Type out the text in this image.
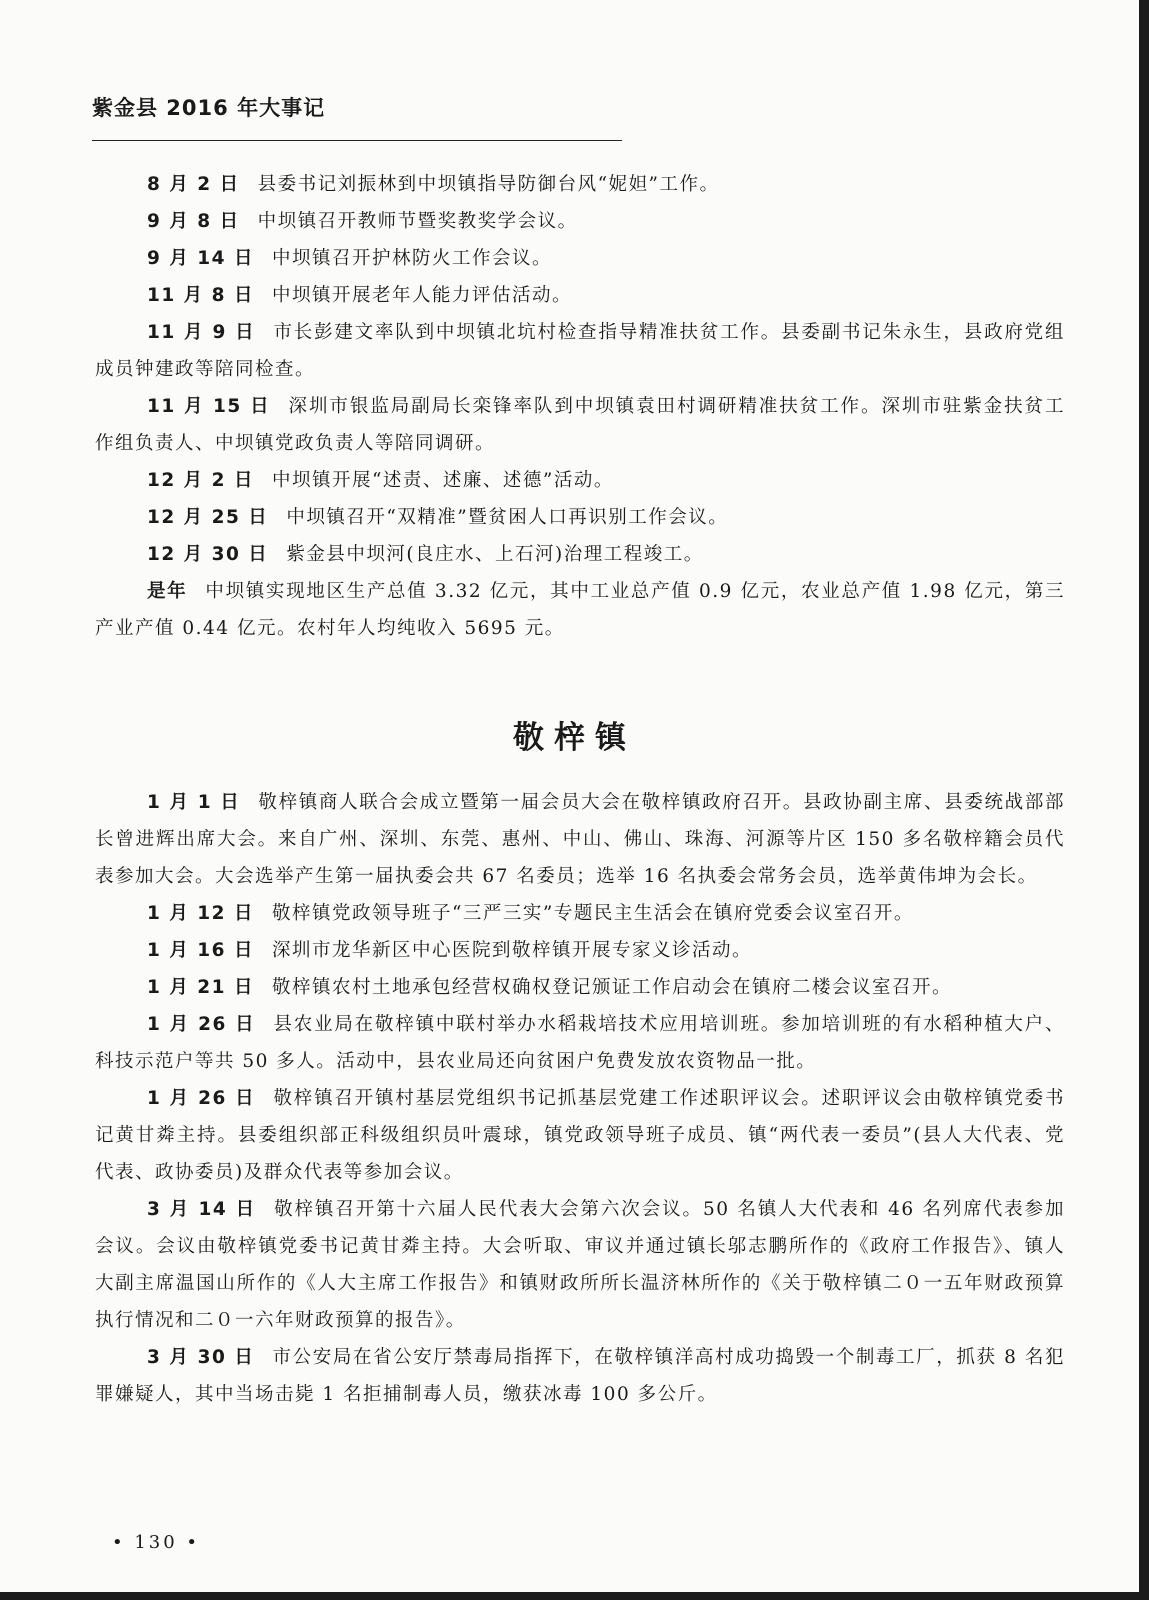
紫金县 2016 年大事记

8 月 2 日 县委书记刘振林到中坝镇指导防御台风“妮妲”工作。

9 月 8 日 中坝镇召开教师节暨奖教奖学会议。

9 月 14 日 中坝镇召开护林防火工作会议。

11 月 8 日 中坝镇开展老年人能力评估活动。

11 月 9 日 市长彭建文率队到中坝镇北坑村检查指导精准扶贫工作。县委副书记朱永生，县政府党组成员钟建政等陪同检查。

11 月 15 日 深圳市银监局副局长栾锋率队到中坝镇袁田村调研精准扶贫工作。深圳市驻紫金扶贫工作组负责人、中坝镇党政负责人等陪同调研。

12 月 2 日 中坝镇开展“述责、述廉、述德”活动。

12 月 25 日 中坝镇召开“双精准”暨贫困人口再识别工作会议。

12 月 30 日 紫金县中坝河(良庄水、上石河)治理工程竣工。

是年 中坝镇实现地区生产总值 3.32 亿元，其中工业总产值 0.9 亿元，农业总产值 1.98 亿元，第三产业产值 0.44 亿元。农村年人均纯收入 5695 元。

敬梓镇

1 月 1 日 敬梓镇商人联合会成立暨第一届会员大会在敬梓镇政府召开。县政协副主席、县委统战部部长曾进辉出席大会。来自广州、深圳、东莞、惠州、中山、佛山、珠海、河源等片区 150 多名敬梓籍会员代表参加大会。大会选举产生第一届执委会共 67 名委员；选举 16 名执委会常务会员，选举黄伟坤为会长。

1 月 12 日 敬梓镇党政领导班子“三严三实”专题民主生活会在镇府党委会议室召开。

1 月 16 日 深圳市龙华新区中心医院到敬梓镇开展专家义诊活动。

1 月 21 日 敬梓镇农村土地承包经营权确权登记颁证工作启动会在镇府二楼会议室召开。

1 月 26 日 县农业局在敬梓镇中联村举办水稻栽培技术应用培训班。参加培训班的有水稻种植大户、科技示范户等共 50 多人。活动中，县农业局还向贫困户免费发放农资物品一批。

1 月 26 日 敬梓镇召开镇村基层党组织书记抓基层党建工作述职评议会。述职评议会由敬梓镇党委书记黄甘粦主持。县委组织部正科级组织员叶震球，镇党政领导班子成员、镇“两代表一委员”(县人大代表、党代表、政协委员)及群众代表等参加会议。

3 月 14 日 敬梓镇召开第十六届人民代表大会第六次会议。50 名镇人大代表和 46 名列席代表参加会议。会议由敬梓镇党委书记黄甘粦主持。大会听取、审议并通过镇长邬志鹏所作的《政府工作报告》、镇人大副主席温国山所作的《人大主席工作报告》和镇财政所所长温济林所作的《关于敬梓镇二０一五年财政预算执行情况和二０一六年财政预算的报告》。

3 月 30 日 市公安局在省公安厅禁毒局指挥下，在敬梓镇洋高村成功捣毁一个制毒工厂，抓获 8 名犯罪嫌疑人，其中当场击毙 1 名拒捕制毒人员，缴获冰毒 100 多公斤。

• 130 •
